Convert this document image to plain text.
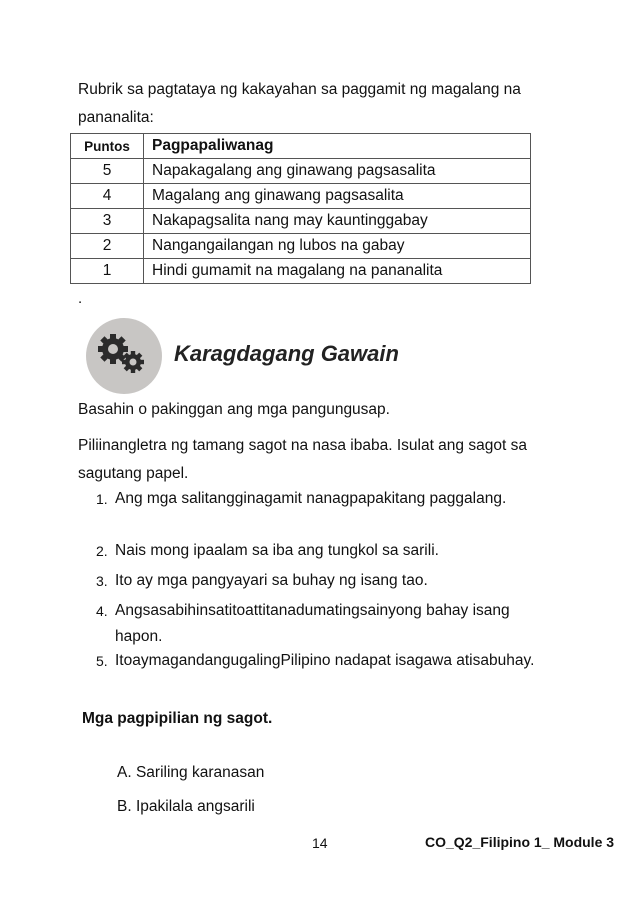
Rubrik sa pagtataya ng kakayahan sa paggamit ng magalang na pananalita:
Puntos	Pagpapaliwanag
5	Napakagalang ang ginawang pagsasalita
4	Magalang ang ginawang pagsasalita
3	Nakapagsalita nang may kauntinggabay
2	Nangangailangan ng lubos na gabay
1	Hindi gumamit na magalang na pananalita
.
Karagdagang Gawain
Basahin o pakinggan ang mga pangungusap.
Piliinangletra ng tamang sagot na nasa ibaba. Isulat ang sagot sa sagutang papel.
1. Ang mga salitangginagamit nanagpapakitang paggalang.
2. Nais mong ipaalam sa iba ang tungkol sa sarili.
3. Ito ay mga pangyayari sa buhay ng isang tao.
4. Angsasabihinsatitoattitanadumatingsainyong bahay isang hapon.
5. ItoaymagandangugalingPilipino nadapat isagawa atisabuhay.
Mga pagpipilian ng sagot.
A. Sariling karanasan
B. Ipakilala angsarili
14	CO_Q2_Filipino 1_ Module 3
